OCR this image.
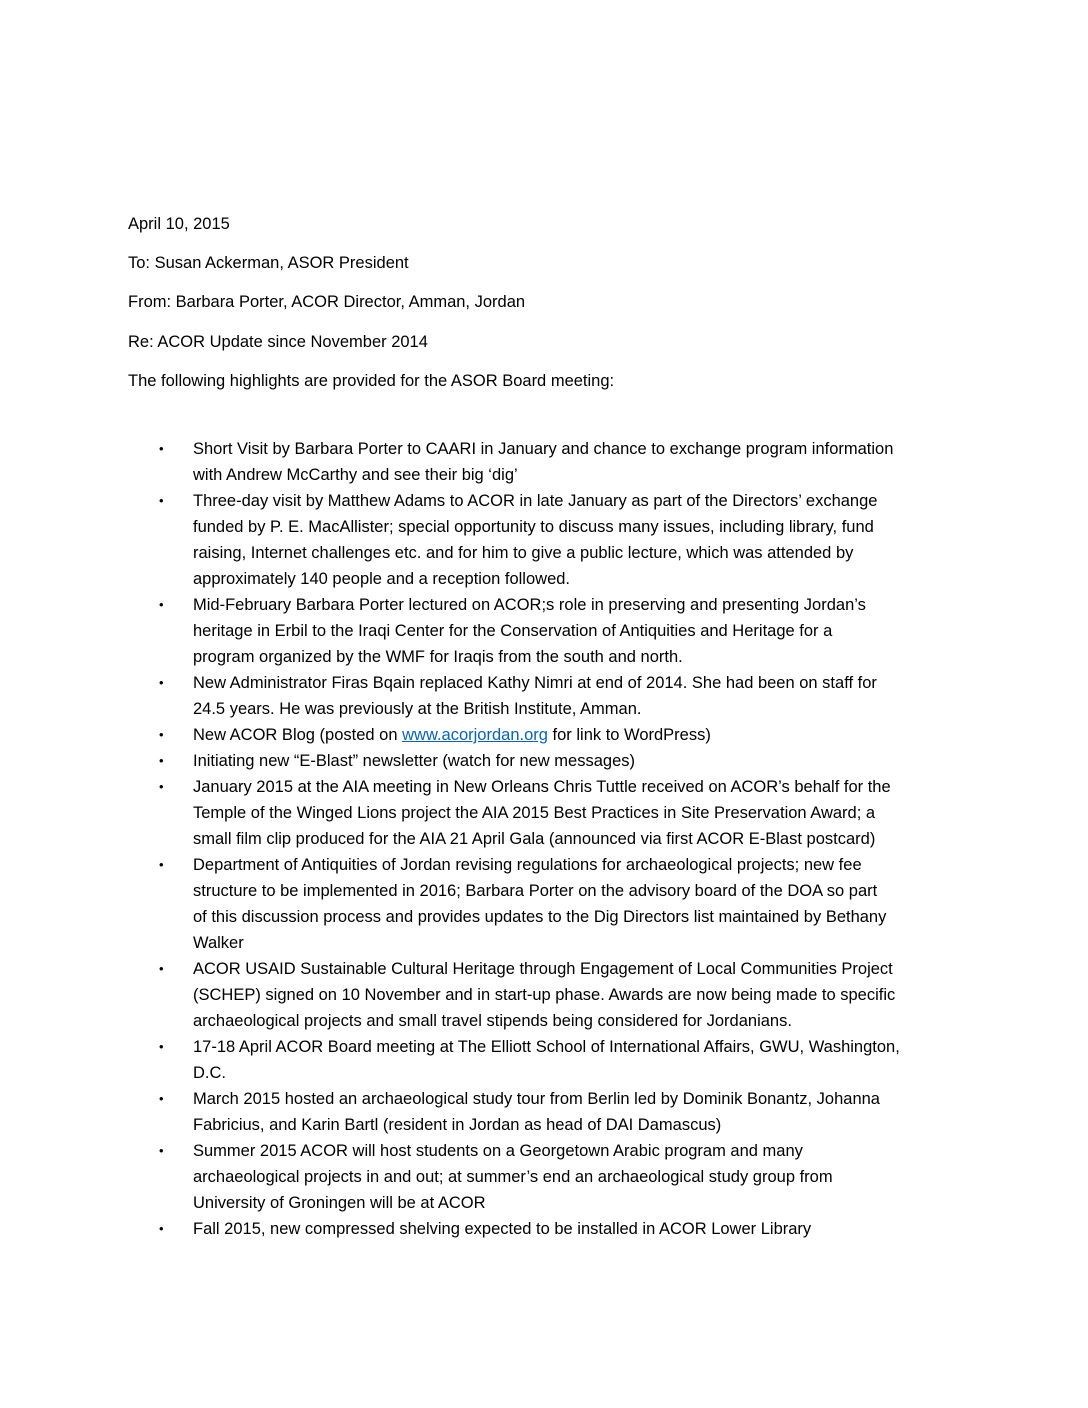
April 10, 2015
To: Susan Ackerman, ASOR President
From: Barbara Porter, ACOR Director, Amman, Jordan
Re: ACOR Update since November 2014
The following highlights are provided for the ASOR Board meeting:
•	Short Visit by Barbara Porter to CAARI in January and chance to exchange program information
with Andrew McCarthy and see their big ‘dig’
•	Three-day visit by Matthew Adams to ACOR in late January as part of the Directors’ exchange
funded by P. E. MacAllister; special opportunity to discuss many issues, including library, fund
raising, Internet challenges etc. and for him to give a public lecture, which was attended by
approximately 140 people and a reception followed.
•	Mid-February Barbara Porter lectured on ACOR;s role in preserving and presenting Jordan’s
heritage in Erbil to the Iraqi Center for the Conservation of Antiquities and Heritage for a
program organized by the WMF for Iraqis from the south and north.
•	New Administrator Firas Bqain replaced Kathy Nimri at end of 2014. She had been on staff for
24.5 years. He was previously at the British Institute, Amman.
•	New ACOR Blog (posted on www.acorjordan.org for link to WordPress)
•	Initiating new “E-Blast” newsletter (watch for new messages)
•	January 2015 at the AIA meeting in New Orleans Chris Tuttle received on ACOR’s behalf for the
Temple of the Winged Lions project the AIA 2015 Best Practices in Site Preservation Award; a
small film clip produced for the AIA 21 April Gala (announced via first ACOR E-Blast postcard)
•	Department of Antiquities of Jordan revising regulations for archaeological projects; new fee
structure to be implemented in 2016; Barbara Porter on the advisory board of the DOA so part
of this discussion process and provides updates to the Dig Directors list maintained by Bethany
Walker
•	ACOR USAID Sustainable Cultural Heritage through Engagement of Local Communities Project
(SCHEP) signed on 10 November and in start-up phase. Awards are now being made to specific
archaeological projects and small travel stipends being considered for Jordanians.
•	17-18 April ACOR Board meeting at The Elliott School of International Affairs, GWU, Washington,
D.C.
•	March 2015 hosted an archaeological study tour from Berlin led by Dominik Bonantz, Johanna
Fabricius, and Karin Bartl (resident in Jordan as head of DAI Damascus)
•	Summer 2015 ACOR will host students on a Georgetown Arabic program and many
archaeological projects in and out; at summer’s end an archaeological study group from
University of Groningen will be at ACOR
•	Fall 2015, new compressed shelving expected to be installed in ACOR Lower Library
